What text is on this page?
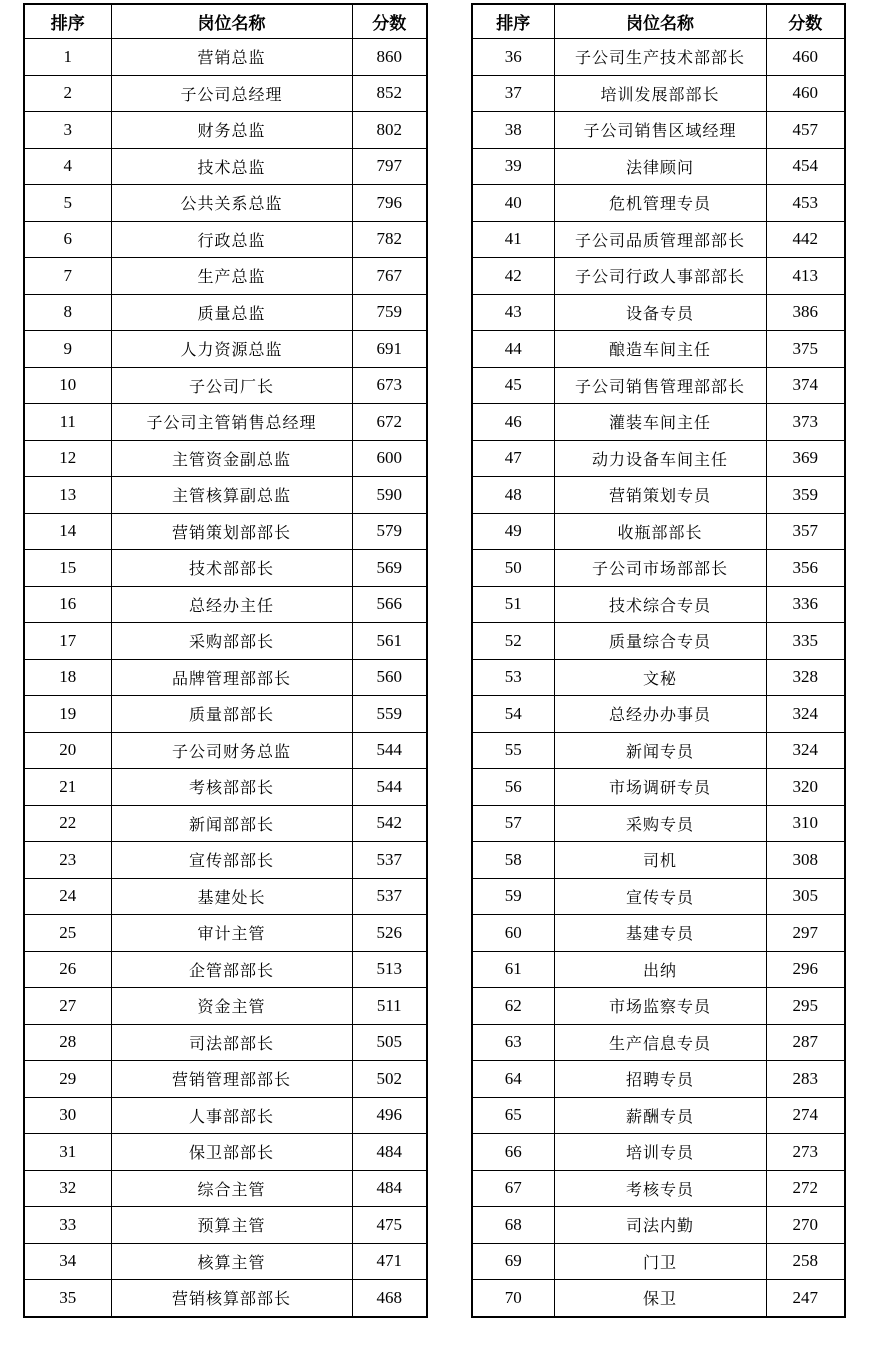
排序	岗位名称	分数
1	营销总监	860
2	子公司总经理	852
3	财务总监	802
4	技术总监	797
5	公共关系总监	796
6	行政总监	782
7	生产总监	767
8	质量总监	759
9	人力资源总监	691
10	子公司厂长	673
11	子公司主管销售总经理	672
12	主管资金副总监	600
13	主管核算副总监	590
14	营销策划部部长	579
15	技术部部长	569
16	总经办主任	566
17	采购部部长	561
18	品牌管理部部长	560
19	质量部部长	559
20	子公司财务总监	544
21	考核部部长	544
22	新闻部部长	542
23	宣传部部长	537
24	基建处长	537
25	审计主管	526
26	企管部部长	513
27	资金主管	511
28	司法部部长	505
29	营销管理部部长	502
30	人事部部长	496
31	保卫部部长	484
32	综合主管	484
33	预算主管	475
34	核算主管	471
35	营销核算部部长	468
排序	岗位名称	分数
36	子公司生产技术部部长	460
37	培训发展部部长	460
38	子公司销售区域经理	457
39	法律顾问	454
40	危机管理专员	453
41	子公司品质管理部部长	442
42	子公司行政人事部部长	413
43	设备专员	386
44	酿造车间主任	375
45	子公司销售管理部部长	374
46	灌装车间主任	373
47	动力设备车间主任	369
48	营销策划专员	359
49	收瓶部部长	357
50	子公司市场部部长	356
51	技术综合专员	336
52	质量综合专员	335
53	文秘	328
54	总经办办事员	324
55	新闻专员	324
56	市场调研专员	320
57	采购专员	310
58	司机	308
59	宣传专员	305
60	基建专员	297
61	出纳	296
62	市场监察专员	295
63	生产信息专员	287
64	招聘专员	283
65	薪酬专员	274
66	培训专员	273
67	考核专员	272
68	司法内勤	270
69	门卫	258
70	保卫	247
